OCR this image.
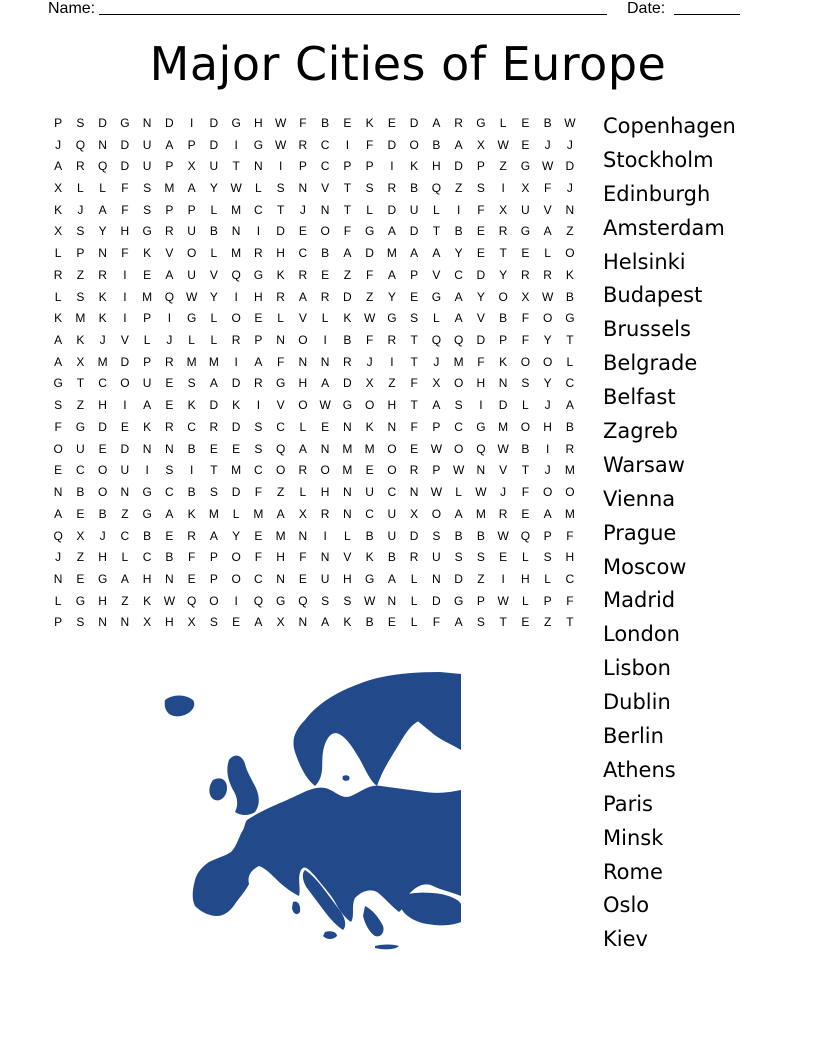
Name:	Date:
Major Cities of Europe
P	S	D	G	N	D	I	D	G	H	W	F	B	E	K	E	D	A	R	G	L	E	B	W
J	Q	N	D	U	A	P	D	I	G W	R	C	I	F	D	O	B	A	X	W	E	J	J
A	R	Q	D	U	P	X	U	T	N	I	P	C	P	P	I	K	H	D	P	Z	G W	D
X	L	L	F	S	M	A	Y	W	L	S	N	V	T	S	R	B	Q	Z	S	I	X	F	J
K	J	A	F	S	P	P	L	M	C	T	J	N	T	L	D	U	L	I	F	X	U	V	N
X	S	Y	H	G	R	U	B	N	I	D	E	O	F	G	A	D	T	B	E	R	G	A	Z
L	P	N	F	K	V	O	L	M	R	H	C	B	A	D	M	A	A	Y	E	T	E	L	O
R	Z	R	I	E	A	U	V	Q	G	K	R	E	Z	F	A	P	V	C	D	Y	R	R	K
L	S	K	I	M	Q W	Y	I	H	R	A	R	D	Z	Y	E	G	A	Y	O	X	W	B
K	M	K	I	P	I	G	L	O	E	L	V	L	K	W G	S	L	A	V	B	F	O	G
A	K	J	V	L	J	L	L	R	P	N	O	I	B	F	R	T	Q	Q	D	P	F	Y	T
A	X	M	D	P	R	M	M	I	A	F	N	N	R	J	I	T	J	M	F	K	O	O	L
G	T	C	O	U	E	S	A	D	R	G	H	A	D	X	Z	F	X	O	H	N	S	Y	C
S	Z	H	I	A	E	K	D	K	I	V	O W G	O	H	T	A	S	I	D	L	J	A
F	G	D	E	K	R	C	R	D	S	C	L	E	N	K	N	F	P	C	G	M	O	H	B
O	U	E	D	N	N	B	E	E	S	Q	A	N	M	M	O	E	W O	Q W	B	I	R
E	C	O	U	I	S	I	T	M	C	O	R	O	M	E	O	R	P	W	N	V	T	J	M
N	B	O	N	G	C	B	S	D	F	Z	L	H	N	U	C	N	W	L	W	J	F	O	O
A	E	B	Z	G	A	K	M	L	M	A	X	R	N	C	U	X	O	A	M	R	E	A	M
Q	X	J	C	B	E	R	A	Y	E	M	N	I	L	B	U	D	S	B	B	W Q	P	F
J	Z	H	L	C	B	F	P	O	F	H	F	N	V	K	B	R	U	S	S	E	L	S	H
N	E	G	A	H	N	E	P	O	C	N	E	U	H	G	A	L	N	D	Z	I	H	L	C
L	G	H	Z	K	W Q	O	I	Q	G	Q	S	S	W	N	L	D	G	P	W	L	P	F
P	S	N	N	X	H	X	S	E	A	X	N	A	K	B	E	L	F	A	S	T	E	Z	T
Copenhagen
Stockholm
Edinburgh
Amsterdam
Helsinki
Budapest
Brussels
Belgrade
Belfast
Zagreb
Warsaw
Vienna
Prague
Moscow
Madrid
London
Lisbon
Dublin
Berlin
Athens
Paris
Minsk
Rome
Oslo
Kiev
